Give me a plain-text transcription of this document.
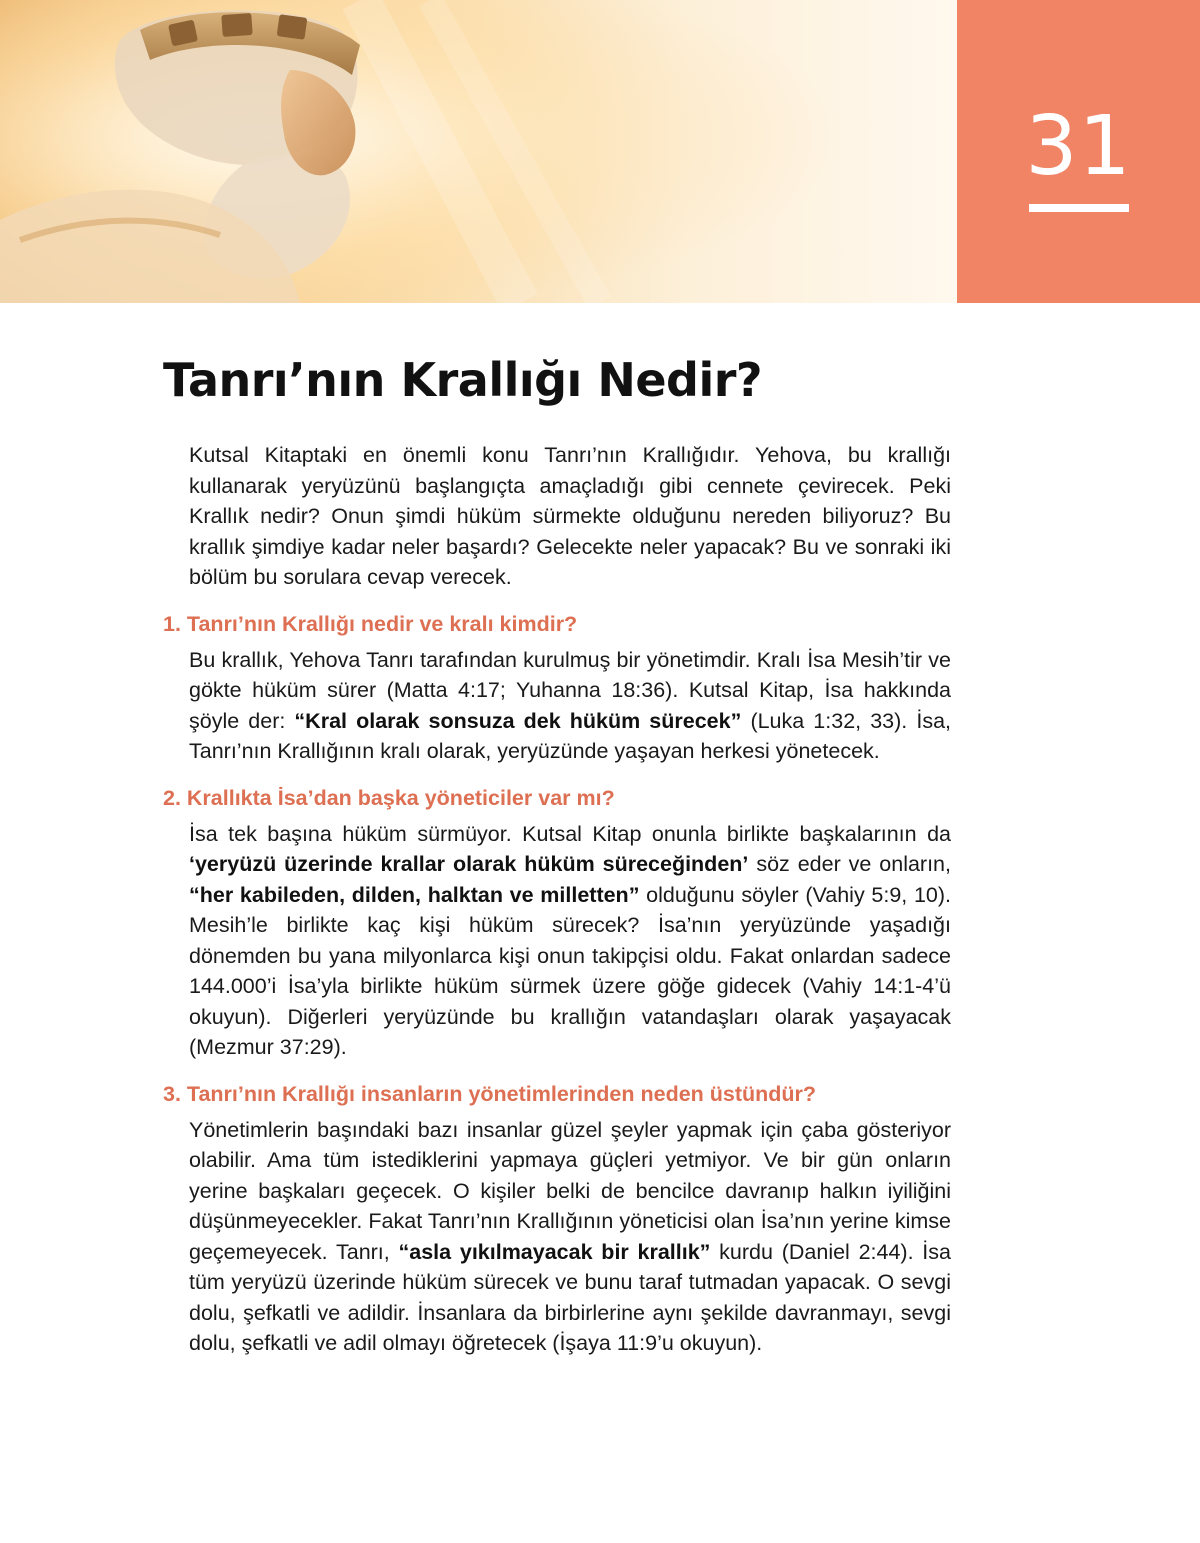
31
Tanrı’nın Krallığı Nedir?

Kutsal Kitaptaki en önemli konu Tanrı’nın Krallığıdır. Yehova, bu krallığı kullanarak yeryüzünü başlangıçta amaçladığı gibi cennete çevirecek. Peki Krallık nedir? Onun şimdi hüküm sürmekte olduğunu nereden biliyoruz? Bu krallık şimdiye kadar neler başardı? Gelecekte neler yapacak? Bu ve sonraki iki bölüm bu sorulara cevap verecek.

1. Tanrı’nın Krallığı nedir ve kralı kimdir?

Bu krallık, Yehova Tanrı tarafından kurulmuş bir yönetimdir. Kralı İsa Mesih’tir ve gökte hüküm sürer (Matta 4:17; Yuhanna 18:36). Kutsal Kitap, İsa hakkında şöyle der: “Kral olarak sonsuza dek hüküm sürecek” (Luka 1:32, 33). İsa, Tanrı’nın Krallığının kralı olarak, yeryüzünde yaşayan herkesi yönetecek.

2. Krallıkta İsa’dan başka yöneticiler var mı?

İsa tek başına hüküm sürmüyor. Kutsal Kitap onunla birlikte başkalarının da ‘yeryüzü üzerinde krallar olarak hüküm süreceğinden’ söz eder ve onların, “her kabileden, dilden, halktan ve milletten” olduğunu söyler (Vahiy 5:9, 10). Mesih’le birlikte kaç kişi hüküm sürecek? İsa’nın yeryüzünde yaşadığı dönemden bu yana milyonlarca kişi onun takipçisi oldu. Fakat onlardan sadece 144.000’i İsa’yla birlikte hüküm sürmek üzere göğe gidecek (Vahiy 14:1-4’ü okuyun). Diğerleri yeryüzünde bu krallığın vatandaşları olarak yaşayacak (Mezmur 37:29).

3. Tanrı’nın Krallığı insanların yönetimlerinden neden üstündür?

Yönetimlerin başındaki bazı insanlar güzel şeyler yapmak için çaba gösteriyor olabilir. Ama tüm istediklerini yapmaya güçleri yetmiyor. Ve bir gün onların yerine başkaları geçecek. O kişiler belki de bencilce davranıp halkın iyiliğini düşünmeyecekler. Fakat Tanrı’nın Krallığının yöneticisi olan İsa’nın yerine kimse geçemeyecek. Tanrı, “asla yıkılmayacak bir krallık” kurdu (Daniel 2:44). İsa tüm yeryüzü üzerinde hüküm sürecek ve bunu taraf tutmadan yapacak. O sevgi dolu, şefkatli ve adildir. İnsanlara da birbirlerine aynı şekilde davranmayı, sevgi dolu, şefkatli ve adil olmayı öğretecek (İşaya 11:9’u okuyun).
